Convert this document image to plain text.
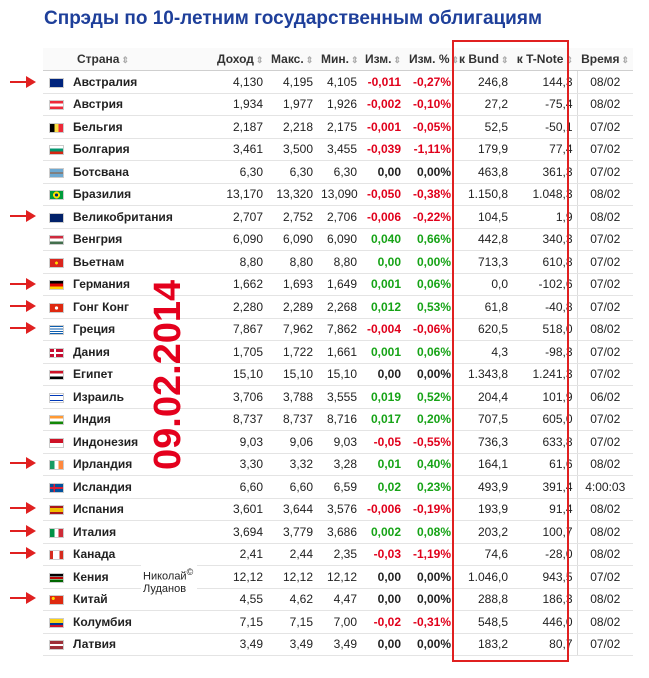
Спрэды по 10-летним государственным облигациям
Страна ⇕		Доход ⇕	Макс. ⇕	Мин. ⇕	Изм. ⇕	Изм. % ⇕	к Bund ⇕	к T-Note ⇕	Время ⇕
	Австралия	4,130	4,195	4,105	-0,011	-0,27%	246,8	144,3	08/02
	Австрия	1,934	1,977	1,926	-0,002	-0,10%	27,2	-75,4	08/02
	Бельгия	2,187	2,218	2,175	-0,001	-0,05%	52,5	-50,1	07/02
	Болгария	3,461	3,500	3,455	-0,039	-1,11%	179,9	77,4	07/02
	Ботсвана	6,30	6,30	6,30	0,00	0,00%	463,8	361,3	07/02
	Бразилия	13,170	13,320	13,090	-0,050	-0,38%	1.150,8	1.048,3	08/02
	Великобритания	2,707	2,752	2,706	-0,006	-0,22%	104,5	1,9	08/02
	Венгрия	6,090	6,090	6,090	0,040	0,66%	442,8	340,3	07/02
	Вьетнам	8,80	8,80	8,80	0,00	0,00%	713,3	610,8	07/02
	Германия	1,662	1,693	1,649	0,001	0,06%	0,0	-102,6	07/02
	Гонг Конг	2,280	2,289	2,268	0,012	0,53%	61,8	-40,8	07/02
	Греция	7,867	7,962	7,862	-0,004	-0,06%	620,5	518,0	08/02
	Дания	1,705	1,722	1,661	0,001	0,06%	4,3	-98,3	07/02
	Египет	15,10	15,10	15,10	0,00	0,00%	1.343,8	1.241,3	07/02
	Израиль	3,706	3,788	3,555	0,019	0,52%	204,4	101,9	06/02
	Индия	8,737	8,737	8,716	0,017	0,20%	707,5	605,0	07/02
	Индонезия	9,03	9,06	9,03	-0,05	-0,55%	736,3	633,8	07/02
	Ирландия	3,30	3,32	3,28	0,01	0,40%	164,1	61,6	08/02
	Исландия	6,60	6,60	6,59	0,02	0,23%	493,9	391,4	4:00:03
	Испания	3,601	3,644	3,576	-0,006	-0,19%	193,9	91,4	08/02
	Италия	3,694	3,779	3,686	0,002	0,08%	203,2	100,7	08/02
	Канада	2,41	2,44	2,35	-0,03	-1,19%	74,6	-28,0	08/02
	Кения	12,12	12,12	12,12	0,00	0,00%	1.046,0	943,5	07/02
	Китай	4,55	4,62	4,47	0,00	0,00%	288,8	186,3	08/02
	Колумбия	7,15	7,15	7,00	-0,02	-0,31%	548,5	446,0	08/02
	Латвия	3,49	3,49	3,49	0,00	0,00%	183,2	80,7	07/02
09.02.2014
Николай©
Луданов
